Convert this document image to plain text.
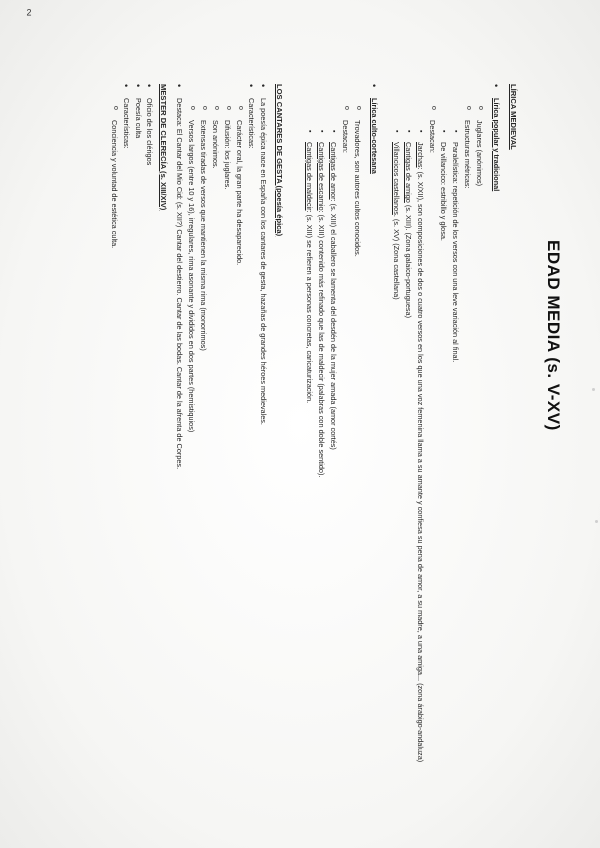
EDAD MEDIA (s. V-XV)
LÍRICA MEDIEVAL
• Lírica popular y tradicional
o Juglares (anónimos)
o Estructuras métricas:
▪ Paralelística: repetición de los versos con una leve variación al final.
▪ De villancico: estribillo y glosa.
o Destacan:
▪ Jarchas: (s. X/XII), son composiciones de dos o cuatro versos en los que una voz femenina llama a su amante y confiesa su pena de amor, a su madre, a una amiga... (zona árabigo-andaluza)
▪ Cantigas de amigo (s. XIII). (Zona galaico-portuguesa)
▪ Villancicos castellanos. (s. XV) (Zona castellana)
• Lírica culto-cortesana
o Trovadores, son autores cultos conocidos.
o Destacan:
▪ Cantigas de amor: (s. XIII) el caballero se lamenta del desdén de la mujer amada (amor cortés)
▪ Cantigas de escarnio: (s. XIII) contenido más refinado que las de maldecir (palabras con doble sentido).
▪ Cantigas de maldecir: (s. XIII) se refieren a personas concretas, caricaturización.
LOS CANTARES DE GESTA (poesía épica)
• La poesía épica nace en España con los cantares de gesta, hazañas de grandes héroes medievales.
• Características:
o Carácter oral, la gran parte ha desaparecido.
o Difusión: los juglares.
o Son anónimos.
o Extensas tiradas de versos que mantienen la misma rima (monorrimos)
o Versos largos (entre 10 y 16), irregulares, rima asonante y divididos en dos partes (hemistiquios)
• Destaca: El Cantar del Mio Cid: (s. XII?) Cantar del destierro. Cantar de las bodas. Cantar de la afrenta de Corpes.
MESTER DE CLERECÍA (s. XIII/XIV)
• Oficio de los clérigos
• Poesía culta
• Características:
o Conciencia y voluntad de estética culta.
2
